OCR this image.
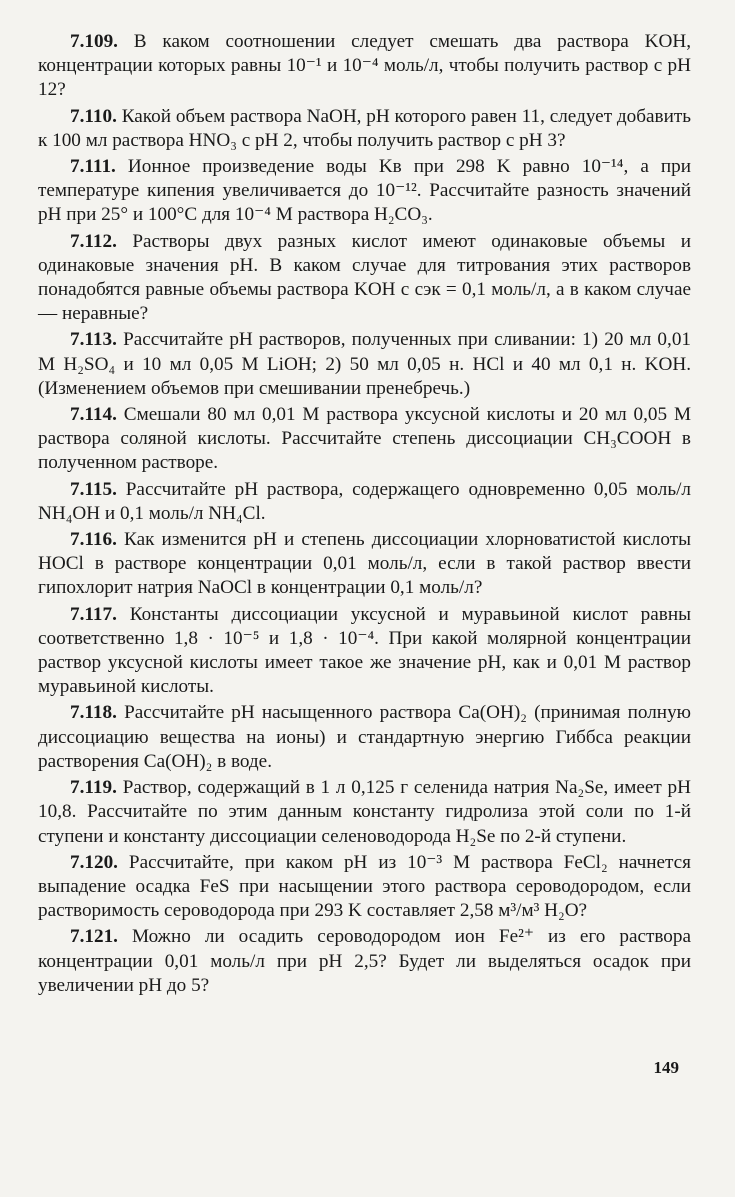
7.109. В каком соотношении следует смешать два раствора KOH, концентрации которых равны 10⁻¹ и 10⁻⁴ моль/л, чтобы получить раствор с pH 12?

7.110. Какой объем раствора NaOH, pH которого равен 11, следует добавить к 100 мл раствора HNO₃ с pH 2, чтобы получить раствор с pH 3?

7.111. Ионное произведение воды Kв при 298 K равно 10⁻¹⁴, а при температуре кипения увеличивается до 10⁻¹². Рассчитайте разность значений pH при 25° и 100°C для 10⁻⁴ M раствора H₂CO₃.

7.112. Растворы двух разных кислот имеют одинаковые объемы и одинаковые значения pH. В каком случае для титрования этих растворов понадобятся равные объемы раствора KOH с cэк = 0,1 моль/л, а в каком случае — неравные?

7.113. Рассчитайте pH растворов, полученных при сливании: 1) 20 мл 0,01 M H₂SO₄ и 10 мл 0,05 M LiOH; 2) 50 мл 0,05 н. HCl и 40 мл 0,1 н. KOH. (Изменением объемов при смешивании пренебречь.)

7.114. Смешали 80 мл 0,01 M раствора уксусной кислоты и 20 мл 0,05 M раствора соляной кислоты. Рассчитайте степень диссоциации CH₃COOH в полученном растворе.

7.115. Рассчитайте pH раствора, содержащего одновременно 0,05 моль/л NH₄OH и 0,1 моль/л NH₄Cl.

7.116. Как изменится pH и степень диссоциации хлорноватистой кислоты HOCl в растворе концентрации 0,01 моль/л, если в такой раствор ввести гипохлорит натрия NaOCl в концентрации 0,1 моль/л?

7.117. Константы диссоциации уксусной и муравьиной кислот равны соответственно 1,8 · 10⁻⁵ и 1,8 · 10⁻⁴. При какой молярной концентрации раствор уксусной кислоты имеет такое же значение pH, как и 0,01 M раствор муравьиной кислоты.

7.118. Рассчитайте pH насыщенного раствора Ca(OH)₂ (принимая полную диссоциацию вещества на ионы) и стандартную энергию Гиббса реакции растворения Ca(OH)₂ в воде.

7.119. Раствор, содержащий в 1 л 0,125 г селенида натрия Na₂Se, имеет pH 10,8. Рассчитайте по этим данным константу гидролиза этой соли по 1-й ступени и константу диссоциации селеноводорода H₂Se по 2-й ступени.

7.120. Рассчитайте, при каком pH из 10⁻³ M раствора FeCl₂ начнется выпадение осадка FeS при насыщении этого раствора сероводородом, если растворимость сероводорода при 293 K составляет 2,58 м³/м³ H₂O?

7.121. Можно ли осадить сероводородом ион Fe²⁺ из его раствора концентрации 0,01 моль/л при pH 2,5? Будет ли выделяться осадок при увеличении pH до 5?

149
